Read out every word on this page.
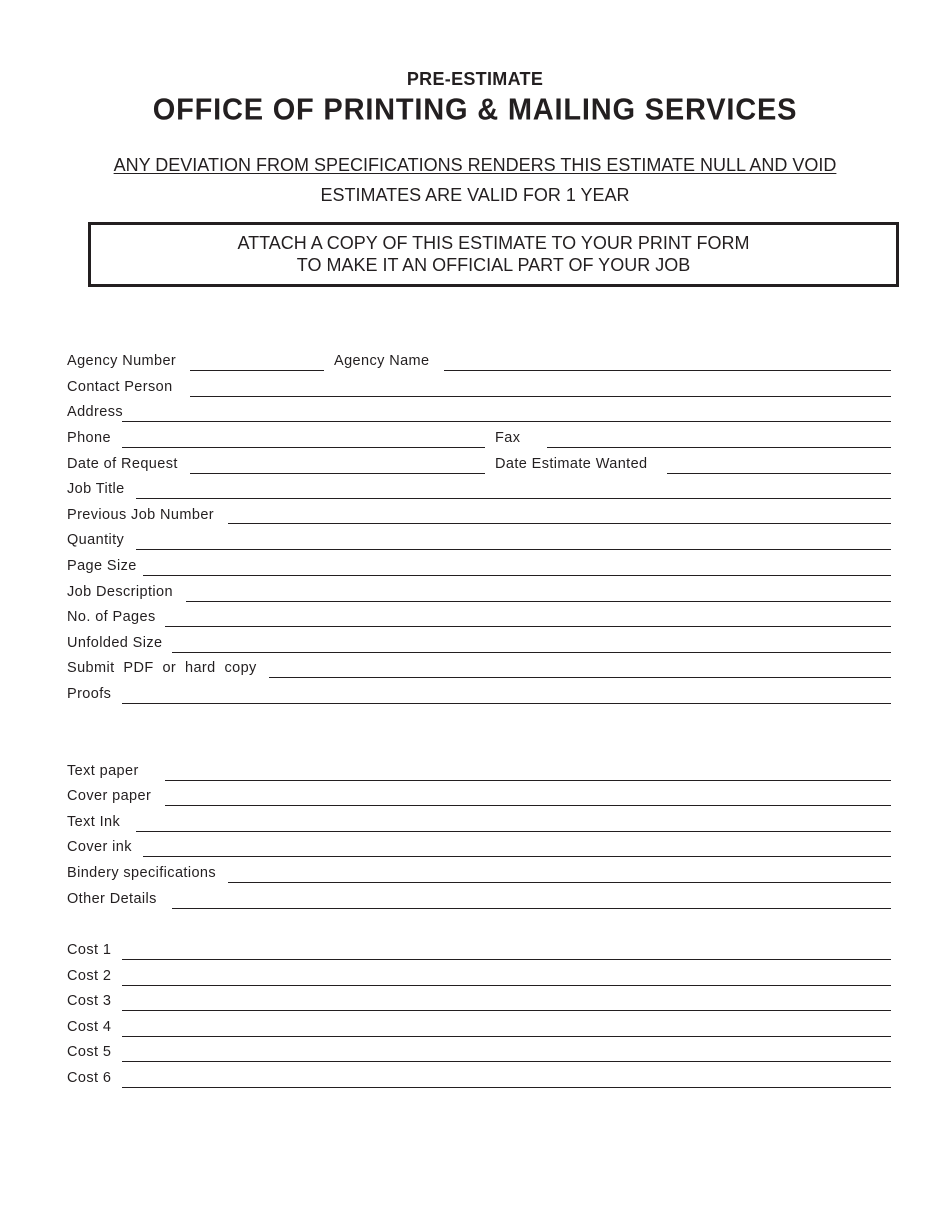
PRE-ESTIMATE
OFFICE OF PRINTING & MAILING SERVICES
ANY DEVIATION FROM SPECIFICATIONS RENDERS THIS ESTIMATE NULL AND VOID
ESTIMATES ARE VALID FOR 1 YEAR
ATTACH A COPY OF THIS ESTIMATE TO YOUR PRINT FORM
TO MAKE IT AN OFFICIAL PART OF YOUR JOB
Agency Number	Agency Name
Contact Person
Address
Phone	Fax
Date of Request	Date Estimate Wanted
Job Title
Previous Job Number
Quantity
Page Size
Job Description
No. of Pages
Unfolded Size
Submit  PDF  or  hard  copy
Proofs
Text paper
Cover paper
Text Ink
Cover ink
Bindery specifications
Other Details
Cost 1
Cost 2
Cost 3
Cost 4
Cost 5
Cost 6
